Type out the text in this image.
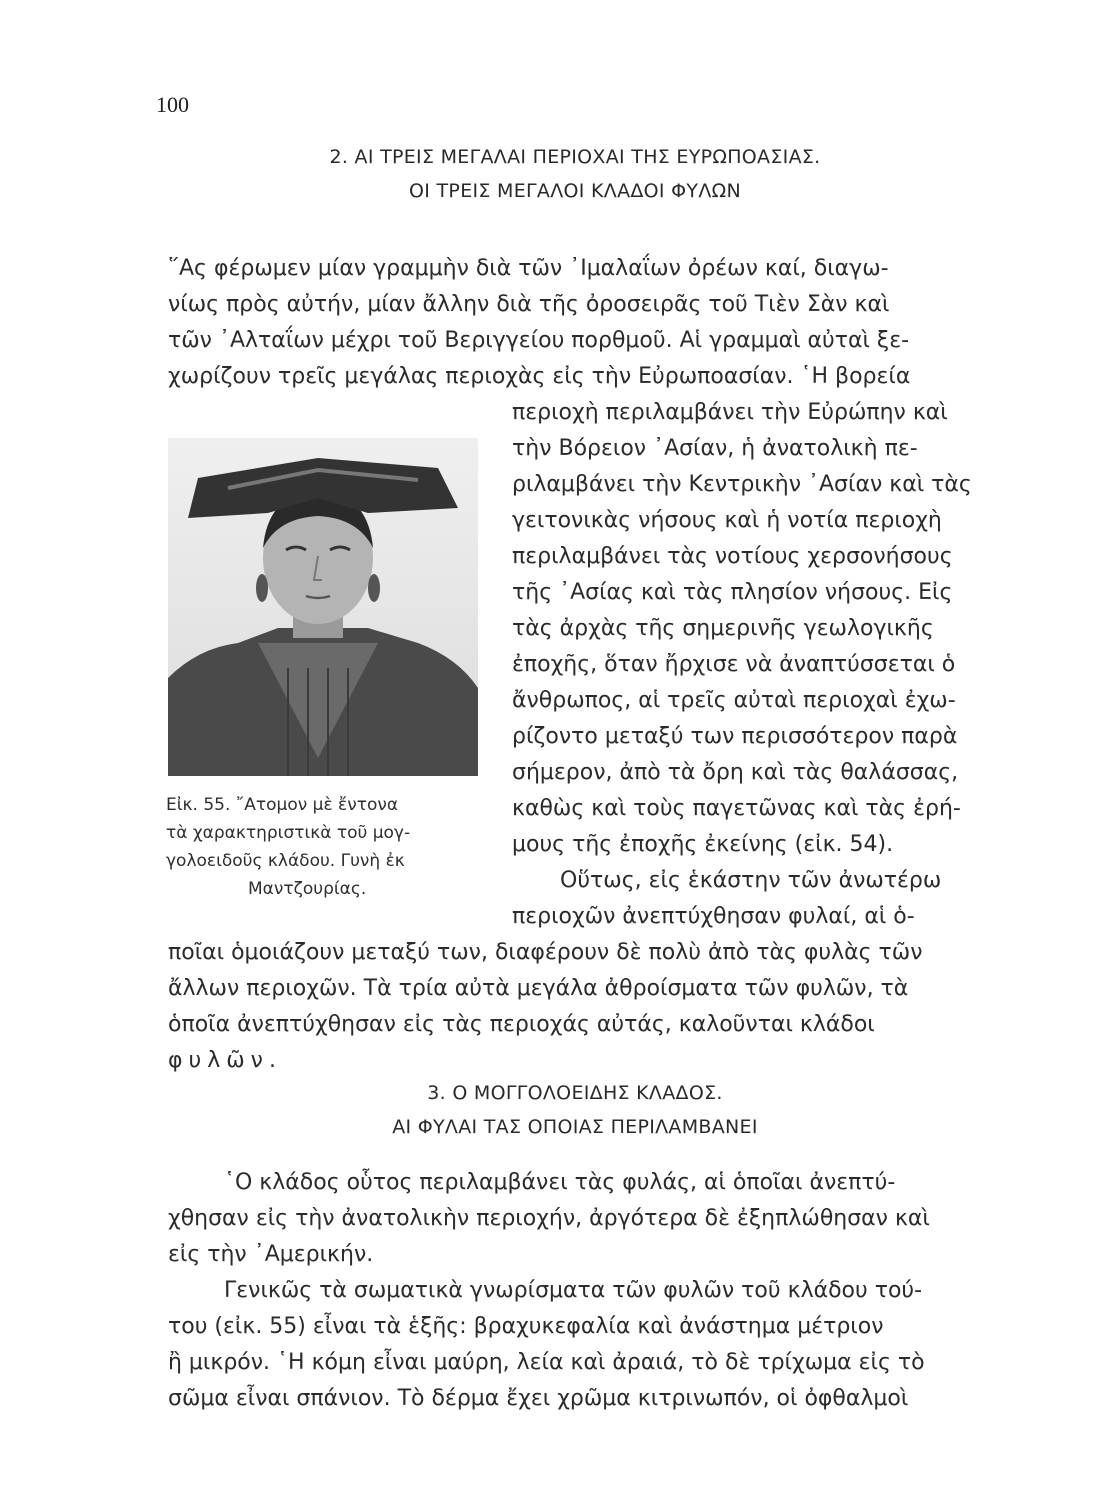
100
2. ΑΙ ΤΡΕΙΣ ΜΕΓΑΛΑΙ ΠΕΡΙΟΧΑΙ ΤΗΣ ΕΥΡΩΠΟΑΣΙΑΣ.
ΟΙ ΤΡΕΙΣ ΜΕΓΑΛΟΙ ΚΛΑΔΟΙ ΦΥΛΩΝ
῞Ας φέρωμεν μίαν γραμμὴν διὰ τῶν ᾿Ιμαλαΐων ὀρέων καί, διαγω-
νίως πρὸς αὐτήν, μίαν ἄλλην διὰ τῆς ὀροσειρᾶς τοῦ Τιὲν Σὰν καὶ
τῶν ᾿Αλταΐων μέχρι τοῦ Βεριγγείου πορθμοῦ. Αἱ γραμμαὶ αὐταὶ ξε-
χωρίζουν τρεῖς μεγάλας περιοχὰς εἰς τὴν Εὐρωποασίαν. ῾Η βορεία
περιοχὴ περιλαμβάνει τὴν Εὐρώπην καὶ
τὴν Βόρειον ᾿Ασίαν, ἡ ἀνατολικὴ πε-
ριλαμβάνει τὴν Κεντρικὴν ᾿Ασίαν καὶ τὰς
γειτονικὰς νήσους καὶ ἡ νοτία περιοχὴ
περιλαμβάνει τὰς νοτίους χερσονήσους
τῆς ᾿Ασίας καὶ τὰς πλησίον νήσους. Εἰς
τὰς ἀρχὰς τῆς σημερινῆς γεωλογικῆς
ἐποχῆς, ὅταν ἤρχισε νὰ ἀναπτύσσεται ὁ
ἄνθρωπος, αἱ τρεῖς αὐταὶ περιοχαὶ ἐχω-
ρίζοντο μεταξύ των περισσότερον παρὰ
σήμερον, ἀπὸ τὰ ὄρη καὶ τὰς θαλάσσας,
καθὼς καὶ τοὺς παγετῶνας καὶ τὰς ἐρή-
μους τῆς ἐποχῆς ἐκείνης (εἰκ. 54).
Οὕτως, εἰς ἑκάστην τῶν ἀνωτέρω
περιοχῶν ἀνεπτύχθησαν φυλαί, αἱ ὁ-
ποῖαι ὁμοιάζουν μεταξύ των, διαφέρουν δὲ πολὺ ἀπὸ τὰς φυλὰς τῶν
ἄλλων περιοχῶν. Τὰ τρία αὐτὰ μεγάλα ἀθροίσματα τῶν φυλῶν, τὰ
ὁποῖα ἀνεπτύχθησαν εἰς τὰς περιοχάς αὐτάς, καλοῦνται κλάδοι
φυλῶν.
Εἰκ. 55. ῎Ατομον μὲ ἔντονα
τὰ χαρακτηριστικὰ τοῦ μογ-
γολοειδοῦς κλάδου. Γυνὴ ἐκ
Μαντζουρίας.
3. Ο ΜΟΓΓΟΛΟΕΙΔΗΣ ΚΛΑΔΟΣ.
ΑΙ ΦΥΛΑΙ ΤΑΣ ΟΠΟΙΑΣ ΠΕΡΙΛΑΜΒΑΝΕΙ
῾Ο κλάδος οὗτος περιλαμβάνει τὰς φυλάς, αἱ ὁποῖαι ἀνεπτύ-
χθησαν εἰς τὴν ἀνατολικὴν περιοχήν, ἀργότερα δὲ ἐξηπλώθησαν καὶ
εἰς τὴν ᾿Αμερικήν.
Γενικῶς τὰ σωματικὰ γνωρίσματα τῶν φυλῶν τοῦ κλάδου τού-
του (εἰκ. 55) εἶναι τὰ ἑξῆς: βραχυκεφαλία καὶ ἀνάστημα μέτριον
ἢ μικρόν. ῾Η κόμη εἶναι μαύρη, λεία καὶ ἀραιά, τὸ δὲ τρίχωμα εἰς τὸ
σῶμα εἶναι σπάνιον. Τὸ δέρμα ἔχει χρῶμα κιτρινωπόν, οἱ ὀφθαλμοὶ
